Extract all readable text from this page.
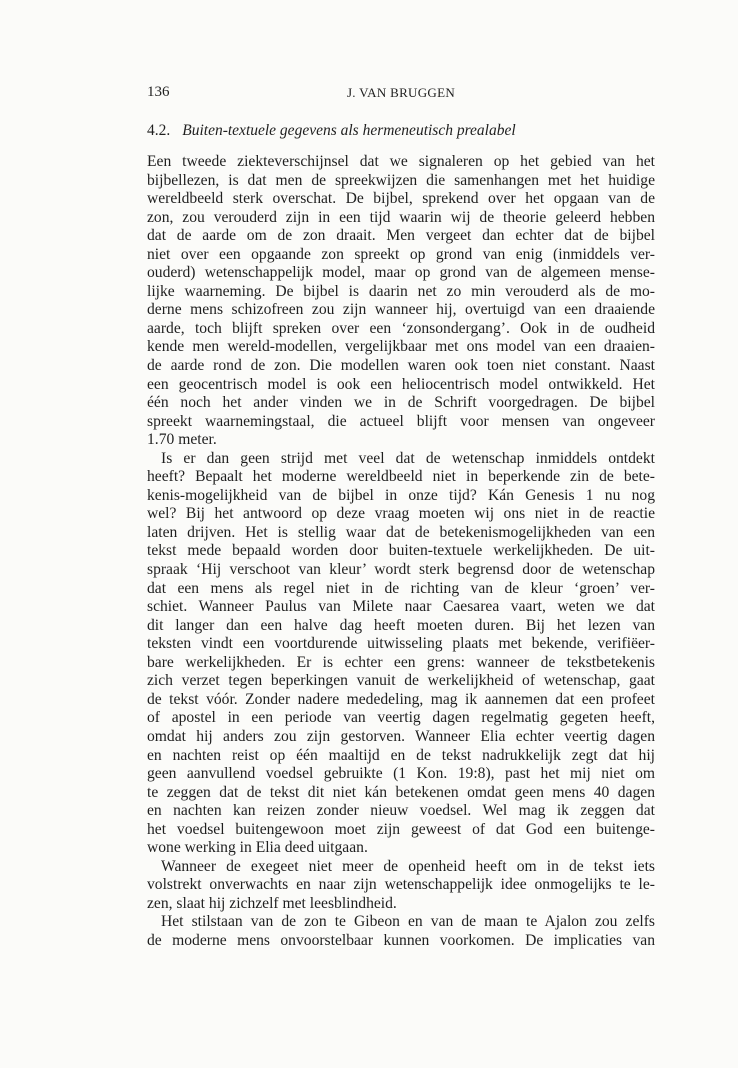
136	J. VAN BRUGGEN
4.2. Buiten-textuele gegevens als hermeneutisch prealabel
Een tweede ziekteverschijnsel dat we signaleren op het gebied van het
bijbellezen, is dat men de spreekwijzen die samenhangen met het huidige
wereldbeeld sterk overschat. De bijbel, sprekend over het opgaan van de
zon, zou verouderd zijn in een tijd waarin wij de theorie geleerd hebben
dat de aarde om de zon draait. Men vergeet dan echter dat de bijbel
niet over een opgaande zon spreekt op grond van enig (inmiddels ver-
ouderd) wetenschappelijk model, maar op grond van de algemeen mense-
lijke waarneming. De bijbel is daarin net zo min verouderd als de mo-
derne mens schizofreen zou zijn wanneer hij, overtuigd van een draaiende
aarde, toch blijft spreken over een ‘zonsondergang’. Ook in de oudheid
kende men wereld-modellen, vergelijkbaar met ons model van een draaien-
de aarde rond de zon. Die modellen waren ook toen niet constant. Naast
een geocentrisch model is ook een heliocentrisch model ontwikkeld. Het
één noch het ander vinden we in de Schrift voorgedragen. De bijbel
spreekt waarnemingstaal, die actueel blijft voor mensen van ongeveer
1.70 meter.
Is er dan geen strijd met veel dat de wetenschap inmiddels ontdekt
heeft? Bepaalt het moderne wereldbeeld niet in beperkende zin de bete-
kenis-mogelijkheid van de bijbel in onze tijd? Kán Genesis 1 nu nog
wel? Bij het antwoord op deze vraag moeten wij ons niet in de reactie
laten drijven. Het is stellig waar dat de betekenismogelijkheden van een
tekst mede bepaald worden door buiten-textuele werkelijkheden. De uit-
spraak ‘Hij verschoot van kleur’ wordt sterk begrensd door de wetenschap
dat een mens als regel niet in de richting van de kleur ‘groen’ ver-
schiet. Wanneer Paulus van Milete naar Caesarea vaart, weten we dat
dit langer dan een halve dag heeft moeten duren. Bij het lezen van
teksten vindt een voortdurende uitwisseling plaats met bekende, verifiëer-
bare werkelijkheden. Er is echter een grens: wanneer de tekstbetekenis
zich verzet tegen beperkingen vanuit de werkelijkheid of wetenschap, gaat
de tekst vóór. Zonder nadere mededeling, mag ik aannemen dat een profeet
of apostel in een periode van veertig dagen regelmatig gegeten heeft,
omdat hij anders zou zijn gestorven. Wanneer Elia echter veertig dagen
en nachten reist op één maaltijd en de tekst nadrukkelijk zegt dat hij
geen aanvullend voedsel gebruikte (1 Kon. 19:8), past het mij niet om
te zeggen dat de tekst dit niet kán betekenen omdat geen mens 40 dagen
en nachten kan reizen zonder nieuw voedsel. Wel mag ik zeggen dat
het voedsel buitengewoon moet zijn geweest of dat God een buitenge-
wone werking in Elia deed uitgaan.
Wanneer de exegeet niet meer de openheid heeft om in de tekst iets
volstrekt onverwachts en naar zijn wetenschappelijk idee onmogelijks te le-
zen, slaat hij zichzelf met leesblindheid.
Het stilstaan van de zon te Gibeon en van de maan te Ajalon zou zelfs
de moderne mens onvoorstelbaar kunnen voorkomen. De implicaties van
